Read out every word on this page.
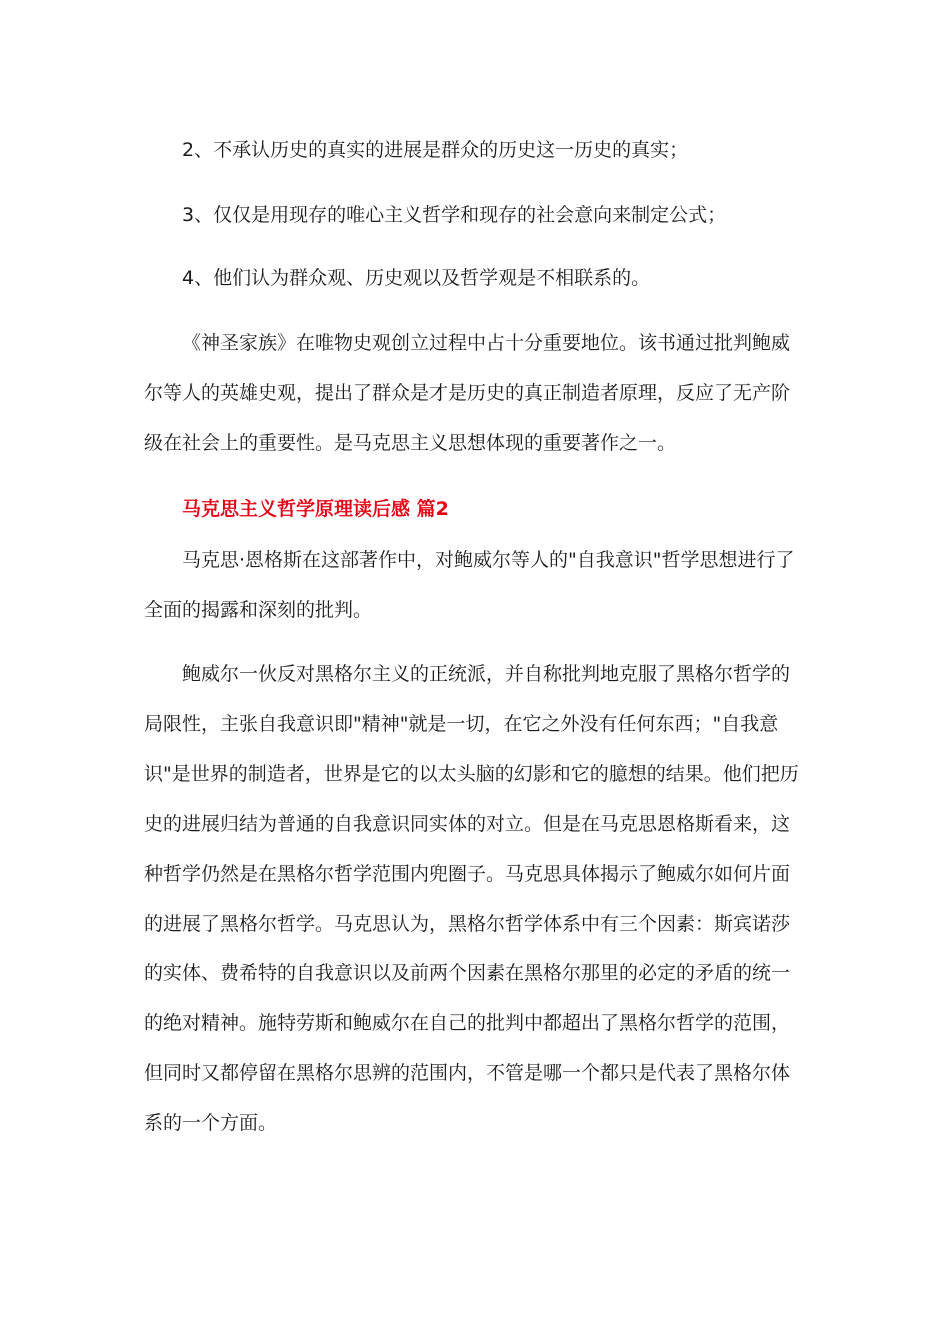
2、不承认历史的真实的进展是群众的历史这一历史的真实；
3、仅仅是用现存的唯心主义哲学和现存的社会意向来制定公式；
4、他们认为群众观、历史观以及哲学观是不相联系的。
《神圣家族》在唯物史观创立过程中占十分重要地位。该书通过批判鲍威
尔等人的英雄史观，提出了群众是才是历史的真正制造者原理，反应了无产阶
级在社会上的重要性。是马克思主义思想体现的重要著作之一。
马克思主义哲学原理读后感 篇2
马克思·恩格斯在这部著作中，对鲍威尔等人的"自我意识"哲学思想进行了
全面的揭露和深刻的批判。
鲍威尔一伙反对黑格尔主义的正统派，并自称批判地克服了黑格尔哲学的
局限性，主张自我意识即"精神"就是一切，在它之外没有任何东西；"自我意
识"是世界的制造者，世界是它的以太头脑的幻影和它的臆想的结果。他们把历
史的进展归结为普通的自我意识同实体的对立。但是在马克思恩格斯看来，这
种哲学仍然是在黑格尔哲学范围内兜圈子。马克思具体揭示了鲍威尔如何片面
的进展了黑格尔哲学。马克思认为，黑格尔哲学体系中有三个因素：斯宾诺莎
的实体、费希特的自我意识以及前两个因素在黑格尔那里的必定的矛盾的统一
的绝对精神。施特劳斯和鲍威尔在自己的批判中都超出了黑格尔哲学的范围，
但同时又都停留在黑格尔思辨的范围内，不管是哪一个都只是代表了黑格尔体
系的一个方面。
